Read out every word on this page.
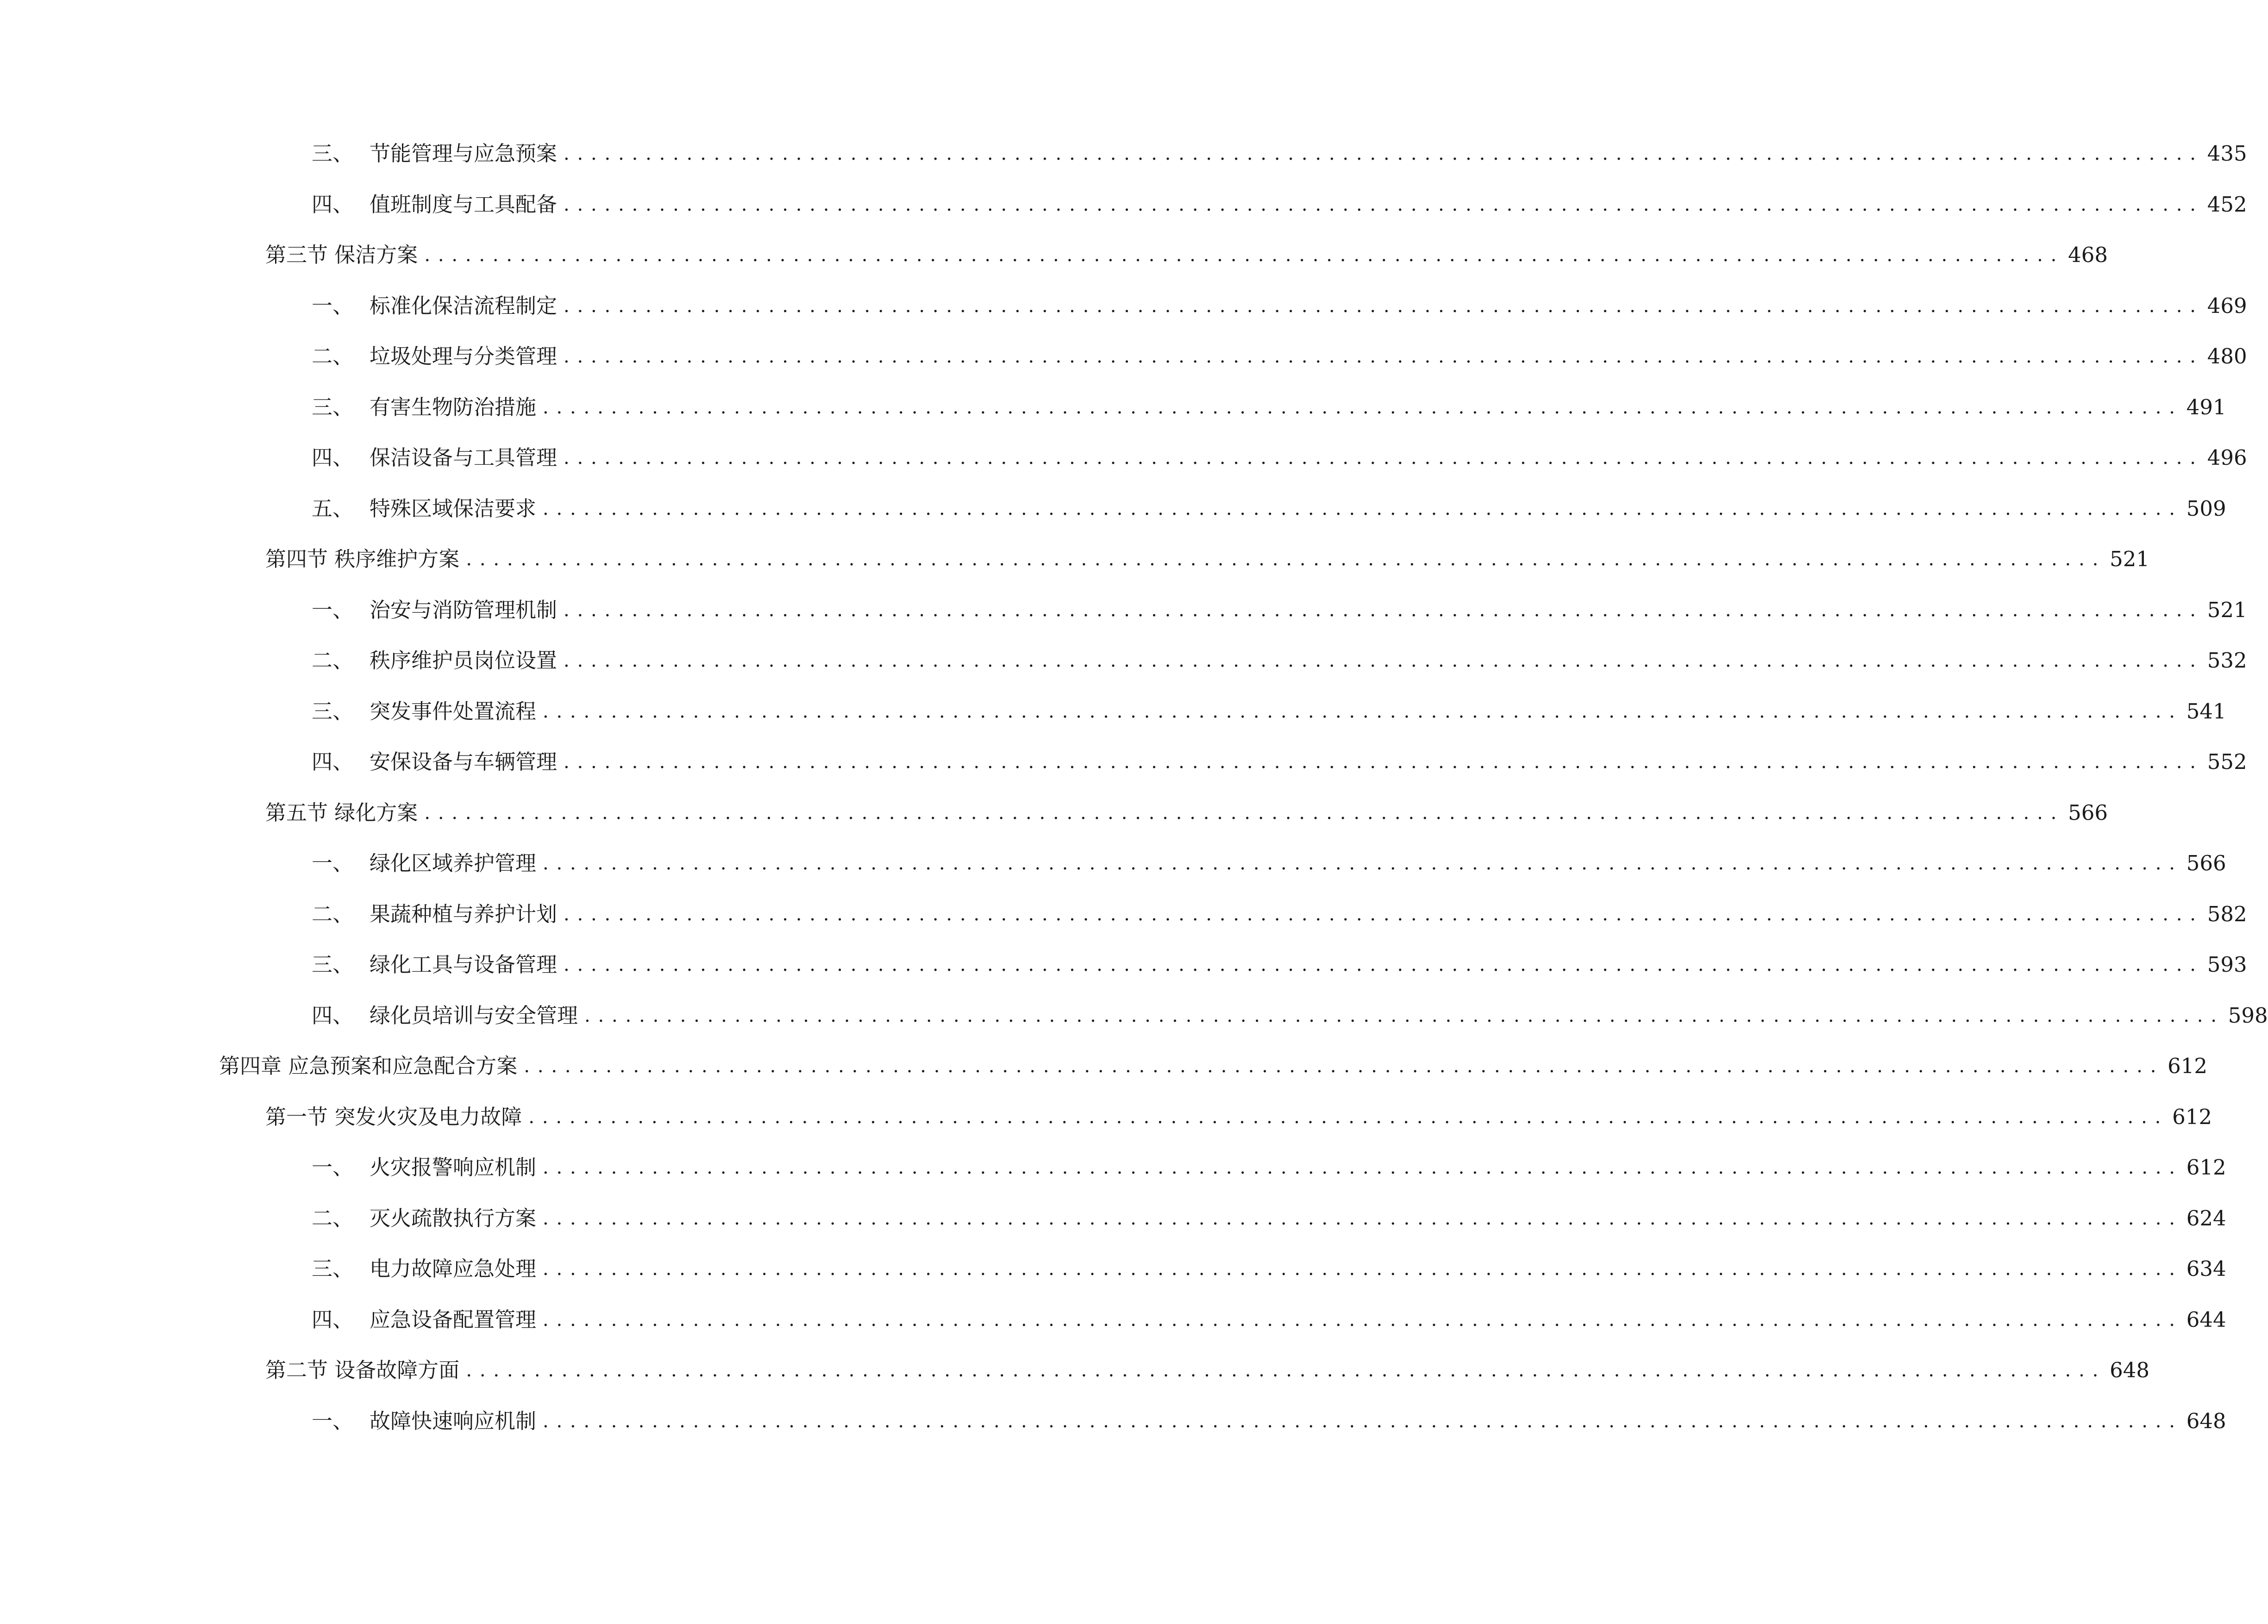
三、 节能管理与应急预案 ........................................................................................................................ 435
四、 值班制度与工具配备 ........................................................................................................................ 452
第三节 保洁方案 ........................................................................................................................ 468
一、 标准化保洁流程制定 ........................................................................................................................ 469
二、 垃圾处理与分类管理 ........................................................................................................................ 480
三、 有害生物防治措施 ........................................................................................................................ 491
四、 保洁设备与工具管理 ........................................................................................................................ 496
五、 特殊区域保洁要求 ........................................................................................................................ 509
第四节 秩序维护方案 ........................................................................................................................ 521
一、 治安与消防管理机制 ........................................................................................................................ 521
二、 秩序维护员岗位设置 ........................................................................................................................ 532
三、 突发事件处置流程 ........................................................................................................................ 541
四、 安保设备与车辆管理 ........................................................................................................................ 552
第五节 绿化方案 ........................................................................................................................ 566
一、 绿化区域养护管理 ........................................................................................................................ 566
二、 果蔬种植与养护计划 ........................................................................................................................ 582
三、 绿化工具与设备管理 ........................................................................................................................ 593
四、 绿化员培训与安全管理 ........................................................................................................................ 598
第四章 应急预案和应急配合方案 ........................................................................................................................ 612
第一节 突发火灾及电力故障 ........................................................................................................................ 612
一、 火灾报警响应机制 ........................................................................................................................ 612
二、 灭火疏散执行方案 ........................................................................................................................ 624
三、 电力故障应急处理 ........................................................................................................................ 634
四、 应急设备配置管理 ........................................................................................................................ 644
第二节 设备故障方面 ........................................................................................................................ 648
一、 故障快速响应机制 ........................................................................................................................ 648
